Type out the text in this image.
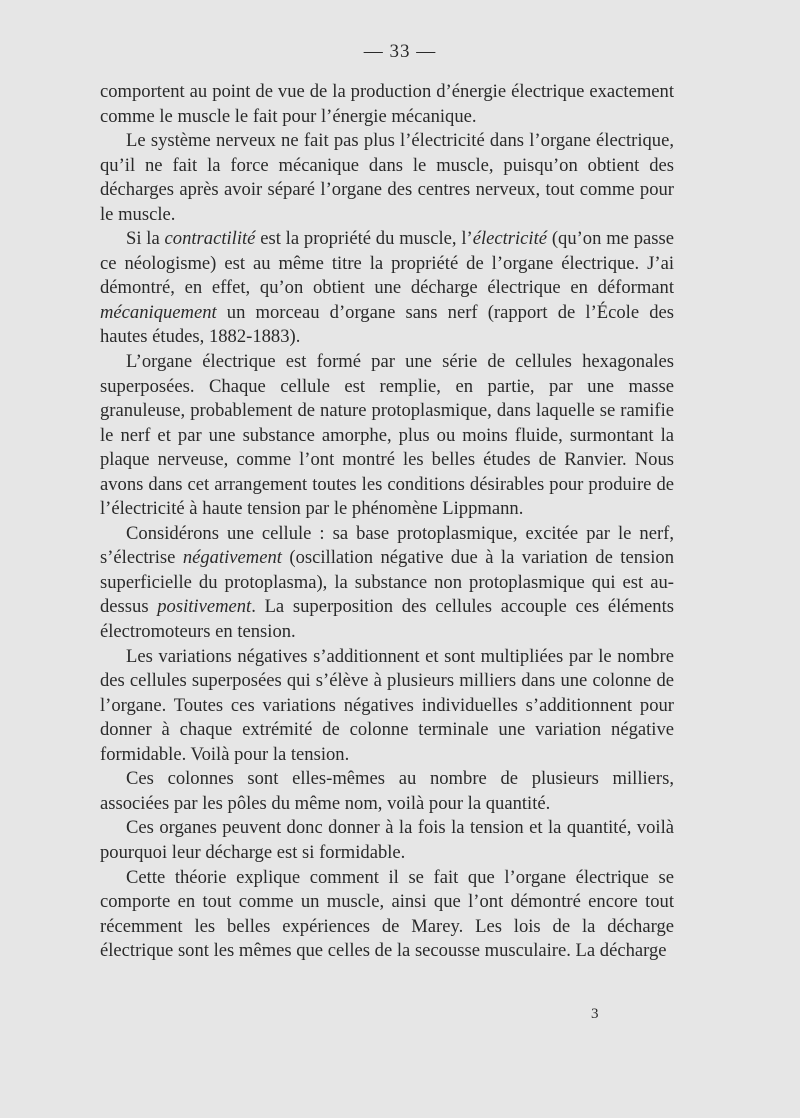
— 33 —

comportent au point de vue de la production d’énergie électrique exactement comme le muscle le fait pour l’énergie mécanique.

Le système nerveux ne fait pas plus l’électricité dans l’organe électrique, qu’il ne fait la force mécanique dans le muscle, puisqu’on obtient des décharges après avoir séparé l’organe des centres nerveux, tout comme pour le muscle.

Si la contractilité est la propriété du muscle, l’électricité (qu’on me passe ce néologisme) est au même titre la propriété de l’organe électrique. J’ai démontré, en effet, qu’on obtient une décharge électrique en déformant mécaniquement un morceau d’organe sans nerf (rapport de l’École des hautes études, 1882-1883).

L’organe électrique est formé par une série de cellules hexagonales superposées. Chaque cellule est remplie, en partie, par une masse granuleuse, probablement de nature protoplasmique, dans laquelle se ramifie le nerf et par une substance amorphe, plus ou moins fluide, surmontant la plaque nerveuse, comme l’ont montré les belles études de Ranvier. Nous avons dans cet arrangement toutes les conditions désirables pour produire de l’électricité à haute tension par le phénomène Lippmann.

Considérons une cellule : sa base protoplasmique, excitée par le nerf, s’électrise négativement (oscillation négative due à la variation de tension superficielle du protoplasma), la substance non protoplasmique qui est au-dessus positivement. La superposition des cellules accouple ces éléments électromoteurs en tension.

Les variations négatives s’additionnent et sont multipliées par le nombre des cellules superposées qui s’élève à plusieurs milliers dans une colonne de l’organe. Toutes ces variations négatives individuelles s’additionnent pour donner à chaque extrémité de colonne terminale une variation négative formidable. Voilà pour la tension.

Ces colonnes sont elles-mêmes au nombre de plusieurs milliers, associées par les pôles du même nom, voilà pour la quantité.

Ces organes peuvent donc donner à la fois la tension et la quantité, voilà pourquoi leur décharge est si formidable.

Cette théorie explique comment il se fait que l’organe électrique se comporte en tout comme un muscle, ainsi que l’ont démontré encore tout récemment les belles expériences de Marey. Les lois de la décharge électrique sont les mêmes que celles de la secousse musculaire. La décharge

3
